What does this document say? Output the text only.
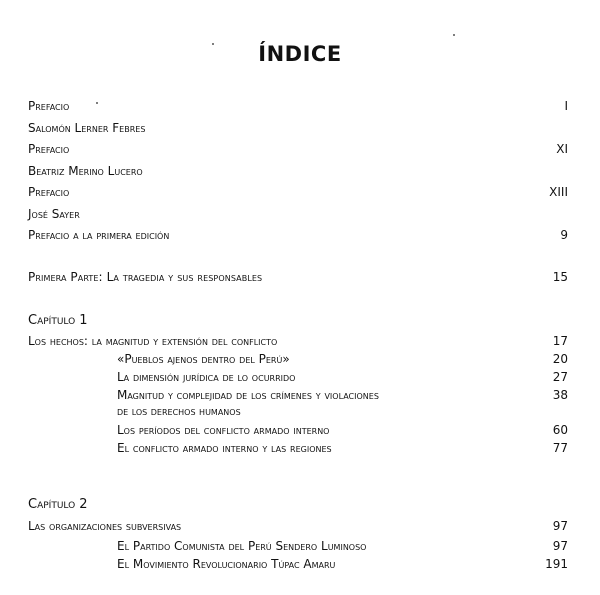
ÍNDICE
Prefacio	I
Salomón Lerner Febres
Prefacio	XI
Beatriz Merino Lucero
Prefacio	XIII
José Sayer
Prefacio a la primera edición	9
Primera Parte: La tragedia y sus responsables	15
Capítulo 1
Los hechos: la magnitud y extensión del conflicto	17
«Pueblos ajenos dentro del Perú»	20
La dimensión jurídica de lo ocurrido	27
Magnitud y complejidad de los crímenes y violaciones	38
de los derechos humanos
Los períodos del conflicto armado interno	60
El conflicto armado interno y las regiones	77
Capítulo 2
Las organizaciones subversivas	97
El Partido Comunista del Perú Sendero Luminoso	97
El Movimiento Revolucionario Túpac Amaru	191
